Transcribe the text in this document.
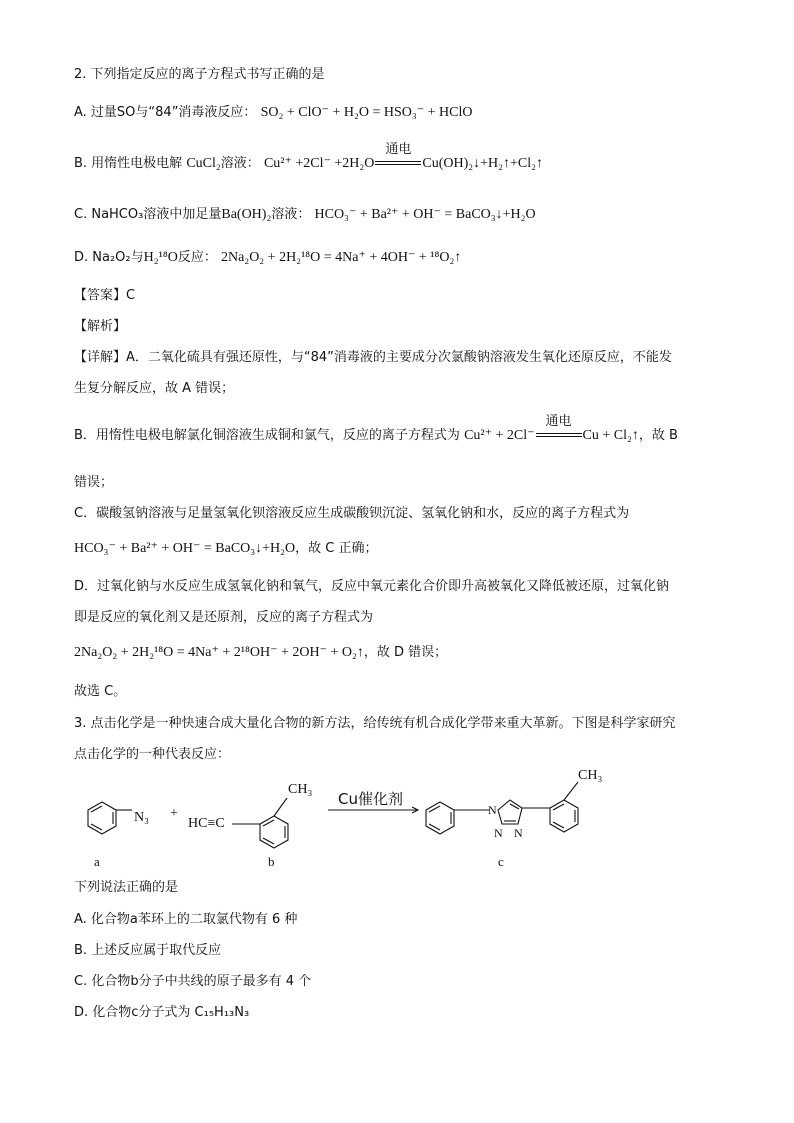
2. 下列指定反应的离子方程式书写正确的是
A. 过量SO与“84”消毒液反应： SO₂ + ClO⁻ + H₂O = HSO₃⁻ + HClO
B. 用惰性电极电解 CuCl₂溶液： Cu²⁺ +2Cl⁻ +2H₂O
通电
Cu(OH)₂↓+H₂↑+Cl₂↑
C. NaHCO₃溶液中加足量Ba(OH)₂溶液： HCO₃⁻ + Ba²⁺ + OH⁻ = BaCO₃↓+H₂O
D. Na₂O₂与H₂¹⁸O反应： 2Na₂O₂ + 2H₂¹⁸O = 4Na⁺ + 4OH⁻ + ¹⁸O₂↑
【答案】C
【解析】
【详解】A．二氧化硫具有强还原性，与“84”消毒液的主要成分次氯酸钠溶液发生氧化还原反应，不能发
生复分解反应，故 A 错误；
B．用惰性电极电解氯化铜溶液生成铜和氯气，反应的离子方程式为 Cu²⁺ + 2Cl⁻
通电
Cu + Cl₂↑，故 B
错误；
C．碳酸氢钠溶液与足量氢氧化钡溶液反应生成碳酸钡沉淀、氢氧化钠和水，反应的离子方程式为
HCO₃⁻ + Ba²⁺ + OH⁻ = BaCO₃↓+H₂O，故 C 正确；
D．过氧化钠与水反应生成氢氧化钠和氧气，反应中氧元素化合价即升高被氧化又降低被还原，过氧化钠
即是反应的氧化剂又是还原剂，反应的离子方程式为
2Na₂O₂ + 2H₂¹⁸O = 4Na⁺ + 2¹⁸OH⁻ + 2OH⁻ + O₂↑，故 D 错误；
故选 C。
3. 点击化学是一种快速合成大量化合物的新方法，给传统有机合成化学带来重大革新。下图是科学家研究
点击化学的一种代表反应：
N₃ +
HC≡C
CH₃
Cu催化剂
N
N N
CH₃
a	b	c
下列说法正确的是
A. 化合物a苯环上的二取氯代物有 6 种
B. 上述反应属于取代反应
C. 化合物b分子中共线的原子最多有 4 个
D. 化合物c分子式为 C₁₅H₁₃N₃
